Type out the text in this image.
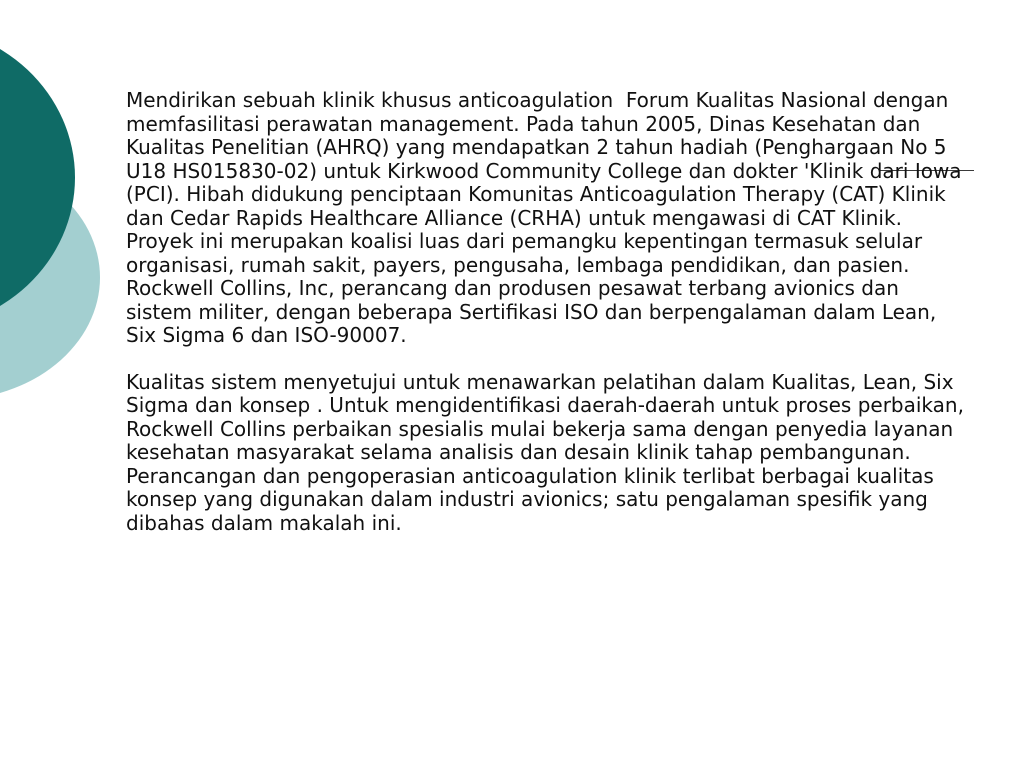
Mendirikan sebuah klinik khusus anticoagulation  Forum Kualitas Nasional dengan memfasilitasi perawatan management. Pada tahun 2005, Dinas Kesehatan dan Kualitas Penelitian (AHRQ) yang mendapatkan 2 tahun hadiah (Penghargaan No 5 U18 HS015830-02) untuk Kirkwood Community College dan dokter 'Klinik dari Iowa (PCI). Hibah didukung penciptaan Komunitas Anticoagulation Therapy (CAT) Klinik dan Cedar Rapids Healthcare Alliance (CRHA) untuk mengawasi di CAT Klinik. Proyek ini merupakan koalisi luas dari pemangku kepentingan termasuk selular organisasi, rumah sakit, payers, pengusaha, lembaga pendidikan, dan pasien. Rockwell Collins, Inc, perancang dan produsen pesawat terbang avionics dan sistem militer, dengan beberapa Sertifikasi ISO dan berpengalaman dalam Lean, Six Sigma 6 dan ISO-90007.

Kualitas sistem menyetujui untuk menawarkan pelatihan dalam Kualitas, Lean, Six Sigma dan konsep . Untuk mengidentifikasi daerah-daerah untuk proses perbaikan, Rockwell Collins perbaikan spesialis mulai bekerja sama dengan penyedia layanan kesehatan masyarakat selama analisis dan desain klinik tahap pembangunan. Perancangan dan pengoperasian anticoagulation klinik terlibat berbagai kualitas konsep yang digunakan dalam industri avionics; satu pengalaman spesifik yang dibahas dalam makalah ini.
